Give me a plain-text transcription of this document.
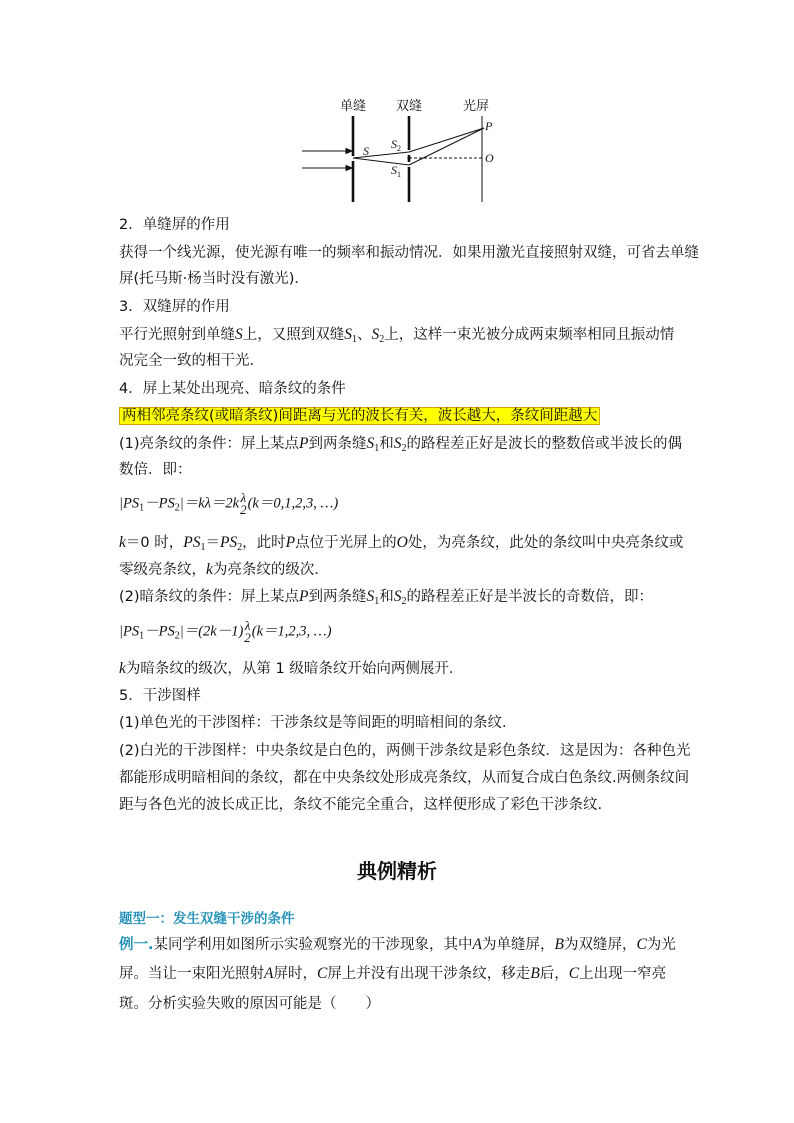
单缝 双缝	光屏
S $S_2$
$S_1$
P
O
2．单缝屏的作用
获得一个线光源，使光源有唯一的频率和振动情况．如果用激光直接照射双缝，可省去单缝
屏(托马斯·杨当时没有激光)．
3．双缝屏的作用
平行光照射到单缝S上，又照到双缝$S_1$、$S_2$上，这样一束光被分成两束频率相同且振动情
况完全一致的相干光．
4．屏上某处出现亮、暗条纹的条件
两相邻亮条纹(或暗条纹)间距离与光的波长有关，波长越大，条纹间距越大
(1)亮条纹的条件：屏上某点P到两条缝$S_1$和$S_2$的路程差正好是波长的整数倍或半波长的偶
数倍．即：
$|PS_1-PS_2|=k\lambda=2k$ λ
2 (k＝0,1,2,3, …)
k＝0 时，$PS_1=PS_2$，此时P点位于光屏上的O处，为亮条纹，此处的条纹叫中央亮条纹或
零级亮条纹，k为亮条纹的级次．
(2)暗条纹的条件：屏上某点P到两条缝$S_1$和$S_2$的路程差正好是半波长的奇数倍，即：
$|PS_1-PS_2|=(2k-1)$ λ
2 (k＝1,2,3, …)
k为暗条纹的级次，从第 1 级暗条纹开始向两侧展开．
5．干涉图样
(1)单色光的干涉图样：干涉条纹是等间距的明暗相间的条纹．
(2)白光的干涉图样：中央条纹是白色的，两侧干涉条纹是彩色条纹．这是因为：各种色光
都能形成明暗相间的条纹，都在中央条纹处形成亮条纹，从而复合成白色条纹.两侧条纹间
距与各色光的波长成正比，条纹不能完全重合，这样便形成了彩色干涉条纹.
典例精析
题型一：发生双缝干涉的条件
例一.某同学利用如图所示实验观察光的干涉现象，其中A为单缝屏，B为双缝屏，C为光
屏。当让一束阳光照射A屏时，C屏上并没有出现干涉条纹，移走B后，C上出现一窄亮
斑。分析实验失败的原因可能是（　　）
